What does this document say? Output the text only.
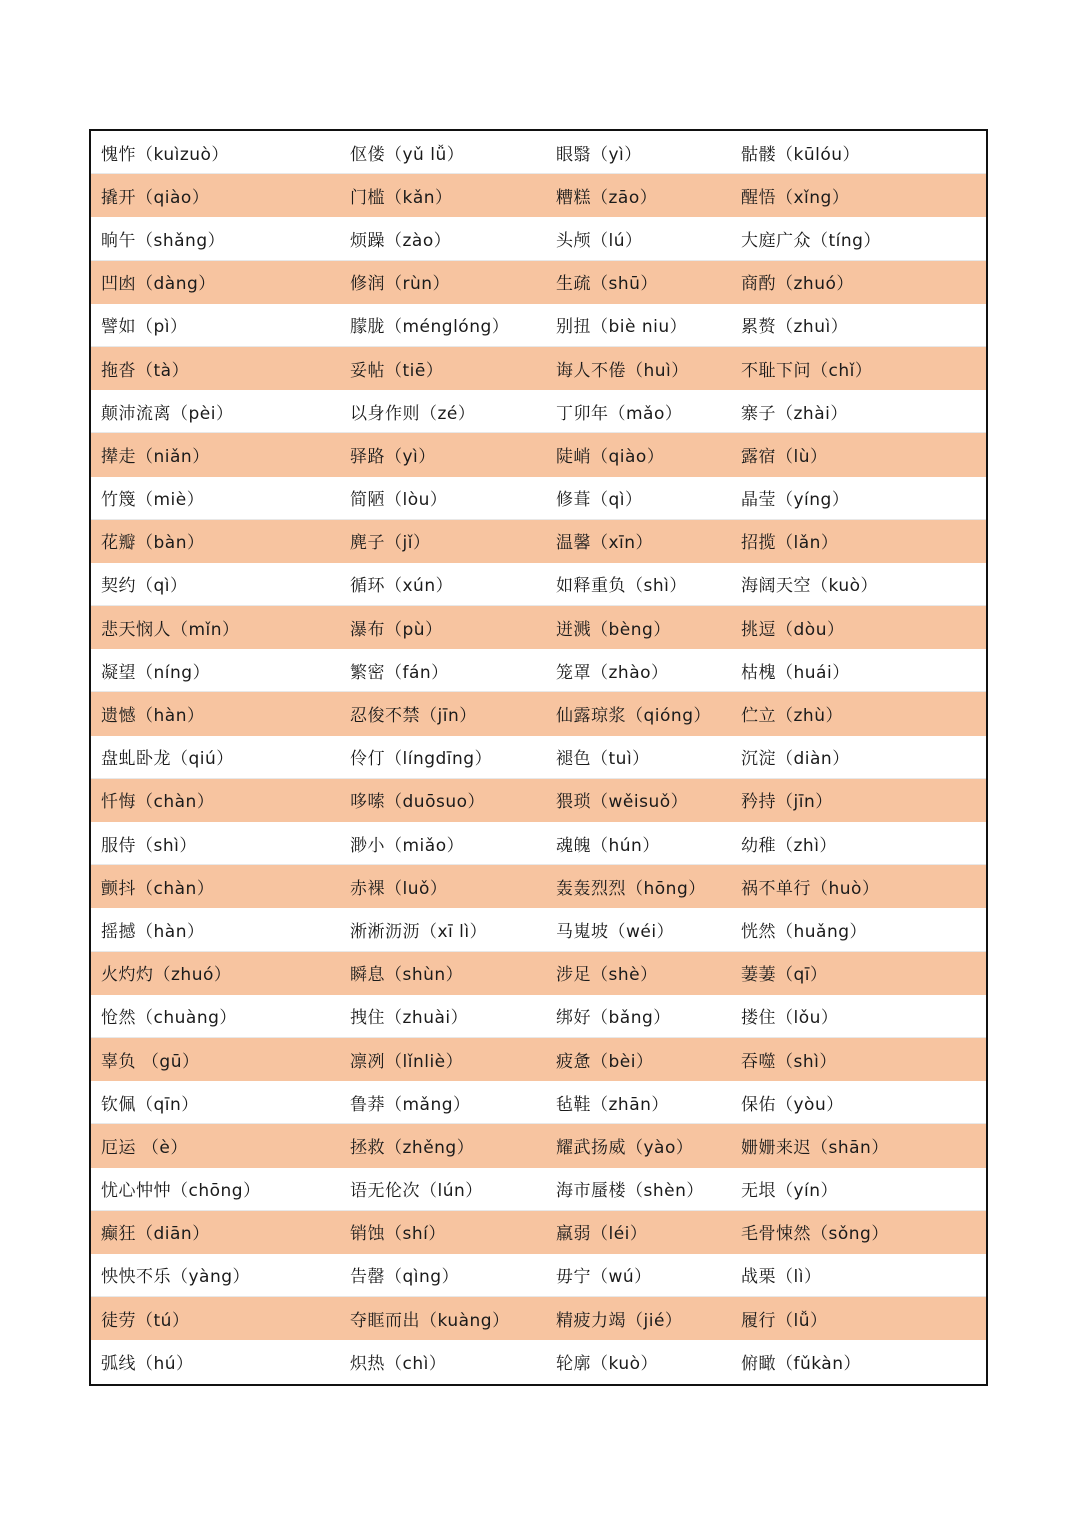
愧怍（kuìzuò）	伛偻（yǔ lǚ）	眼翳（yì）	骷髅（kūlóu）
撬开（qiào）	门槛（kǎn）	糟糕（zāo）	醒悟（xǐng）
晌午（shǎng）	烦躁（zào）	头颅（lú）	大庭广众（tíng）
凹凼（dàng）	修润（rùn）	生疏（shū）	商酌（zhuó）
譬如（pì）	朦胧（ménglóng）	别扭（biè niu）	累赘（zhuì）
拖沓（tà）	妥帖（tiē）	诲人不倦（huì）	不耻下问（chǐ）
颠沛流离（pèi）	以身作则（zé）	丁卯年（mǎo）	寨子（zhài）
撵走（niǎn）	驿路（yì）	陡峭（qiào）	露宿（lù）
竹篾（miè）	简陋（lòu）	修葺（qì）	晶莹（yíng）
花瓣（bàn）	麂子（jǐ）	温馨（xīn）	招揽（lǎn）
契约（qì）	循环（xún）	如释重负（shì）	海阔天空（kuò）
悲天悯人（mǐn）	瀑布（pù）	迸溅（bèng）	挑逗（dòu）
凝望（níng）	繁密（fán）	笼罩（zhào）	枯槐（huái）
遗憾（hàn）	忍俊不禁（jīn）	仙露琼浆（qióng）	伫立（zhù）
盘虬卧龙（qiú）	伶仃（língdīng）	褪色（tuì）	沉淀（diàn）
忏悔（chàn）	哆嗦（duōsuo）	猥琐（wěisuǒ）	矜持（jīn）
服侍（shì）	渺小（miǎo）	魂魄（hún）	幼稚（zhì）
颤抖（chàn）	赤裸（luǒ）	轰轰烈烈（hōng）	祸不单行（huò）
摇撼（hàn）	淅淅沥沥（xī lì）	马嵬坡（wéi）	恍然（huǎng）
火灼灼（zhuó）	瞬息（shùn）	涉足（shè）	萋萋（qī）
怆然（chuàng）	拽住（zhuài）	绑好（bǎng）	搂住（lǒu）
辜负 （gū）	凛冽（lǐnliè）	疲惫（bèi）	吞噬（shì）
钦佩（qīn）	鲁莽（mǎng）	毡鞋（zhān）	保佑（yòu）
厄运 （è）	拯救（zhěng）	耀武扬威（yào）	姗姗来迟（shān）
忧心忡忡（chōng）	语无伦次（lún）	海市蜃楼（shèn）	无垠（yín）
癫狂（diān）	销蚀（shí）	羸弱（léi）	毛骨悚然（sǒng）
怏怏不乐（yàng）	告罄（qìng）	毋宁（wú）	战栗（lì）
徒劳（tú）	夺眶而出（kuàng）	精疲力竭（jié）	履行（lǚ）
弧线（hú）	炽热（chì）	轮廓（kuò）	俯瞰（fǔkàn）
